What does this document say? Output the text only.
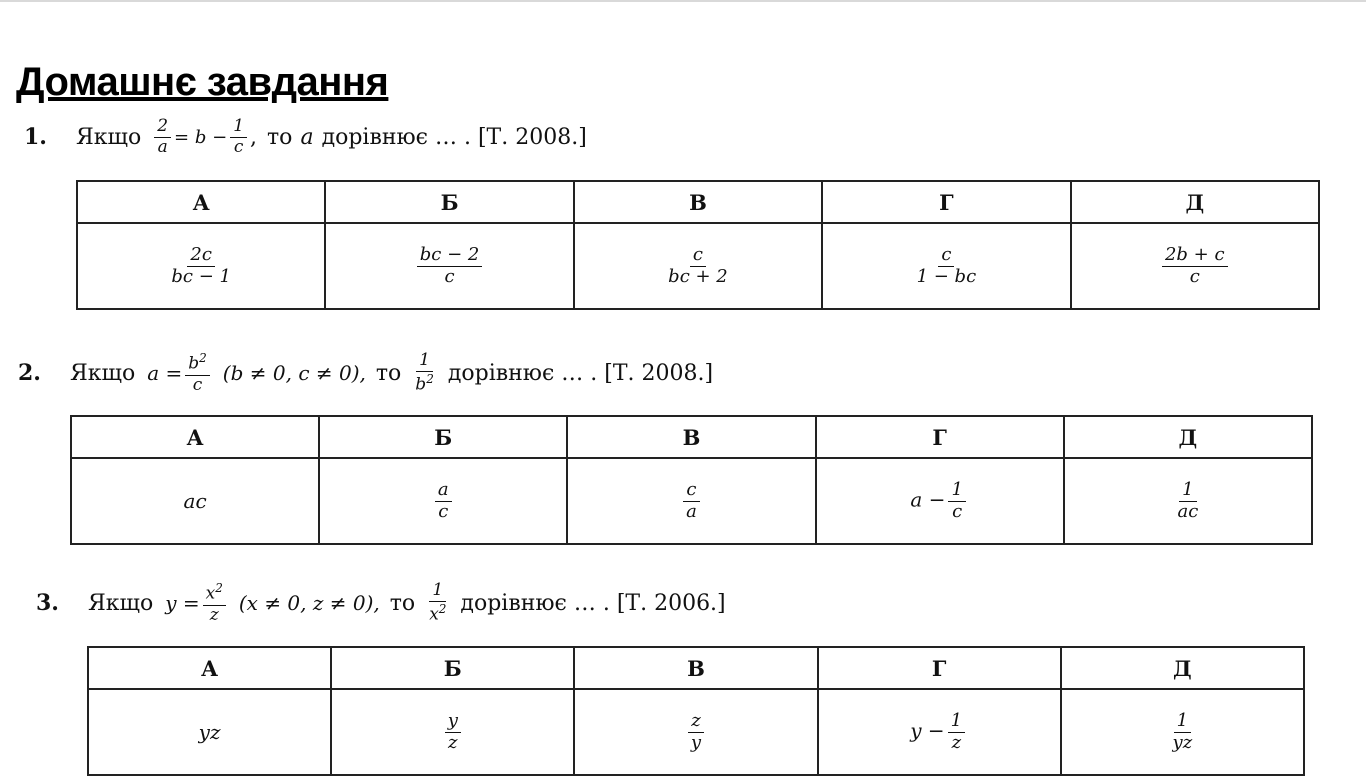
Домашнє завдання
1.	Якщо $\frac{2}{a} = b - \frac{1}{c}$ , то a дорівнює … . [Т. 2008.]
А	Б	В	Г	Д

$\frac{2c}{bc - 1}$	$\frac{bc - 2}{c}$	$\frac{c}{bc + 2}$	$\frac{c}{1 - bc}$	$\frac{2b + c}{c}$
2.	Якщо $a = \frac{b^2}{c} (b \ne 0$, c ≠ 0), то $\frac{1}{b^2}$ дорівнює … . [Т. 2008.]
А	Б	В	Г	Д
ac	$\frac{a}{c}$	$\frac{c}{a}$	$a - \frac{1}{c}$	$\frac{1}{ac}$
3.	Якщо $y = \frac{x^2}{z} (x \ne 0$, z ≠ 0), то $\frac{1}{x^2}$ дорівнює … . [Т. 2006.]
А	Б	В	Г	Д
yz	$\frac{y}{z}$	$\frac{z}{y}$	$y - \frac{1}{z}$	$\frac{1}{yz}$
